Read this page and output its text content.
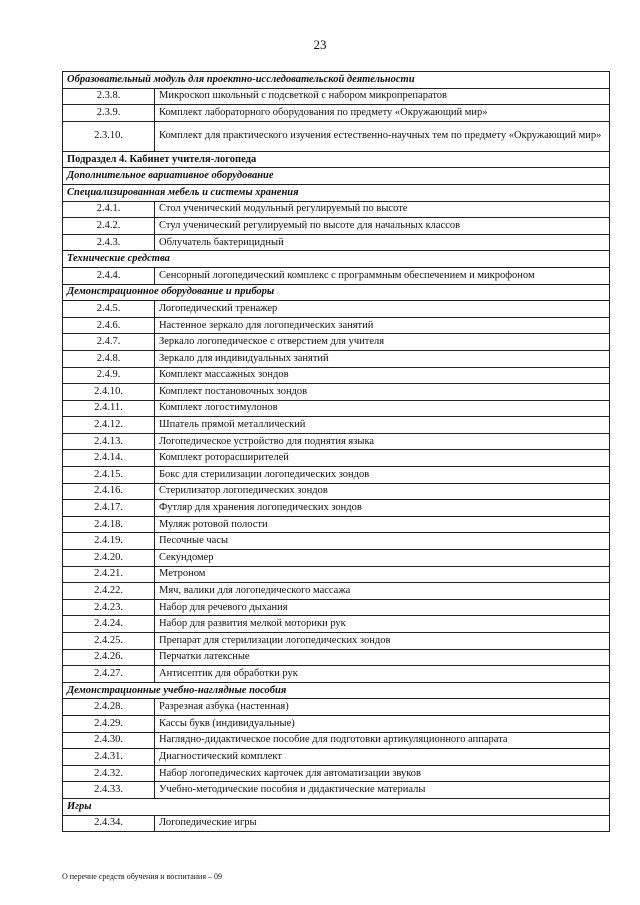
23
Образовательный модуль для проектно-исследовательской деятельности	
2.3.8.	Микроскоп школьный с подсветкой с набором микропрепаратов
2.3.9.	Комплект лабораторного оборудования по предмету «Окружающий мир»
2.3.10.	Комплект для практического изучения естественно-научных тем по предмету «Окружающий мир»
Подраздел 4. Кабинет учителя-логопеда	
Дополнительное вариативное оборудование	
Специализированная мебель и системы хранения	
2.4.1.	Стол ученический модульный регулируемый по высоте
2.4.2.	Стул ученический регулируемый по высоте для начальных классов
2.4.3.	Облучатель бактерицидный
Технические средства	
2.4.4.	Сенсорный логопедический комплекс с программным обеспечением и микрофоном
Демонстрационное оборудование и приборы	
2.4.5.	Логопедический тренажер
2.4.6.	Настенное зеркало для логопедических занятий
2.4.7.	Зеркало логопедическое с отверстием для учителя
2.4.8.	Зеркало для индивидуальных занятий
2.4.9.	Комплект массажных зондов
2.4.10.	Комплект постановочных зондов
2.4.11.	Комплект логостимулонов
2.4.12.	Шпатель прямой металлический
2.4.13.	Логопедическое устройство для поднятия языка
2.4.14.	Комплект роторасширителей
2.4.15.	Бокс для стерилизации логопедических зондов
2.4.16.	Стерилизатор логопедических зондов
2.4.17.	Футляр для хранения логопедических зондов
2.4.18.	Муляж ротовой полости
2.4.19.	Песочные часы
2.4.20.	Секундомер
2.4.21.	Метроном
2.4.22.	Мяч, валики для логопедического массажа
2.4.23.	Набор для речевого дыхания
2.4.24.	Набор для развития мелкой моторики рук
2.4.25.	Препарат для стерилизации логопедических зондов
2.4.26.	Перчатки латексные
2.4.27.	Антисептик для обработки рук
Демонстрационные учебно-наглядные пособия	
2.4.28.	Разрезная азбука (настенная)
2.4.29.	Кассы букв (индивидуальные)
2.4.30.	Наглядно-дидактическое пособие для подготовки артикуляционного аппарата
2.4.31.	Диагностический комплект
2.4.32.	Набор логопедических карточек для автоматизации звуков
2.4.33.	Учебно-методические пособия и дидактические материалы
Игры	
2.4.34.	Логопедические игры
О перечне средств обучения и воспитания – 09
